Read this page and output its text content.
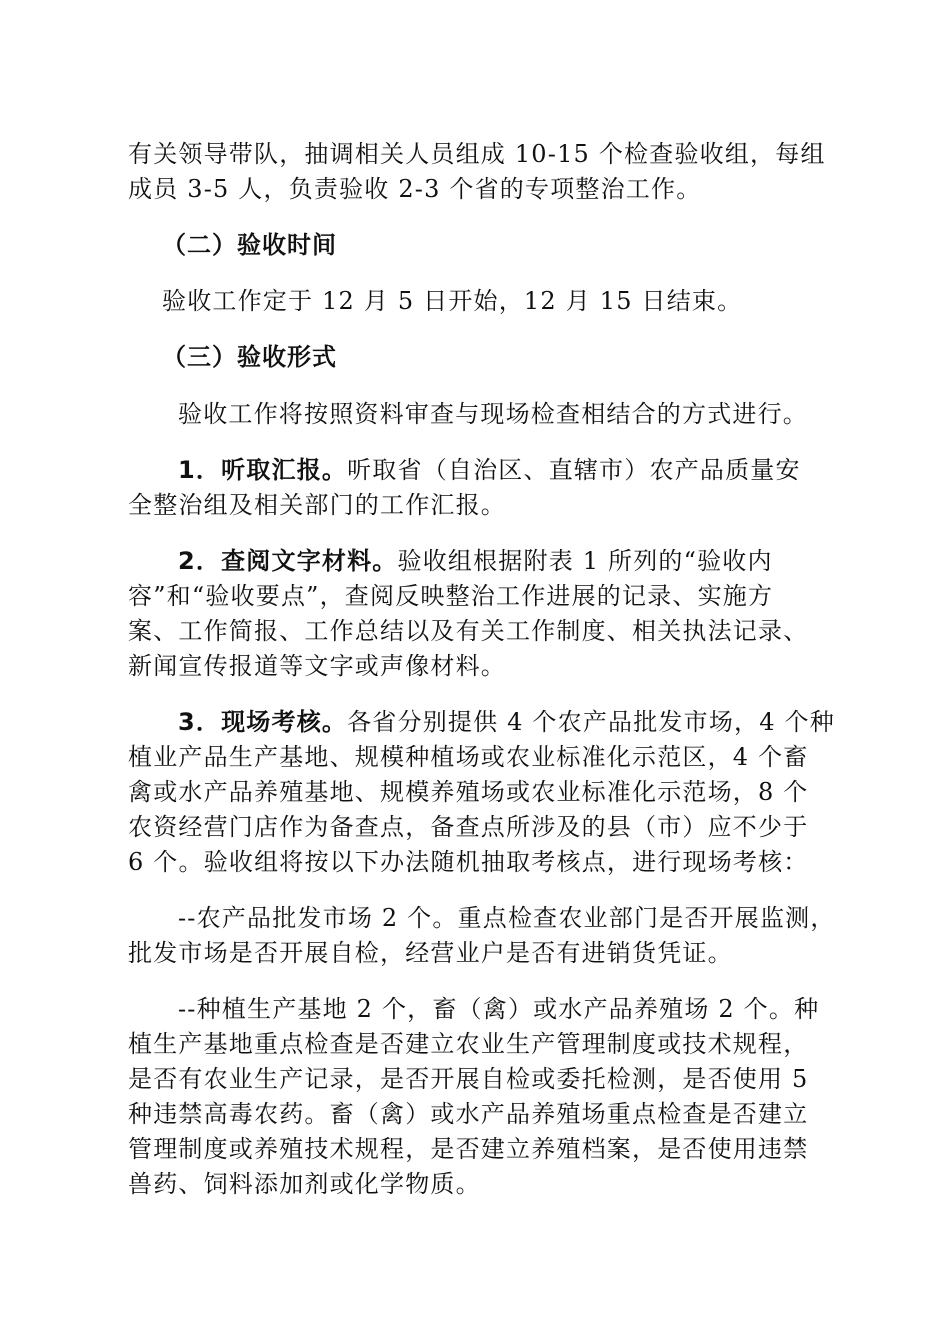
有关领导带队，抽调相关人员组成 10-15 个检查验收组，每组
成员 3-5 人，负责验收 2-3 个省的专项整治工作。
（二）验收时间
验收工作定于 12 月 5 日开始，12 月 15 日结束。
（三）验收形式
验收工作将按照资料审查与现场检查相结合的方式进行。
1．听取汇报。听取省（自治区、直辖市）农产品质量安
全整治组及相关部门的工作汇报。
2．查阅文字材料。验收组根据附表 1 所列的“验收内
容”和“验收要点”，查阅反映整治工作进展的记录、实施方
案、工作简报、工作总结以及有关工作制度、相关执法记录、
新闻宣传报道等文字或声像材料。
3．现场考核。各省分别提供 4 个农产品批发市场，4 个种
植业产品生产基地、规模种植场或农业标准化示范区，4 个畜
禽或水产品养殖基地、规模养殖场或农业标准化示范场，8 个
农资经营门店作为备查点，备查点所涉及的县（市）应不少于
6 个。验收组将按以下办法随机抽取考核点，进行现场考核：
--农产品批发市场 2 个。重点检查农业部门是否开展监测，
批发市场是否开展自检，经营业户是否有进销货凭证。
--种植生产基地 2 个，畜（禽）或水产品养殖场 2 个。种
植生产基地重点检查是否建立农业生产管理制度或技术规程，
是否有农业生产记录，是否开展自检或委托检测，是否使用 5
种违禁高毒农药。畜（禽）或水产品养殖场重点检查是否建立
管理制度或养殖技术规程，是否建立养殖档案，是否使用违禁
兽药、饲料添加剂或化学物质。
